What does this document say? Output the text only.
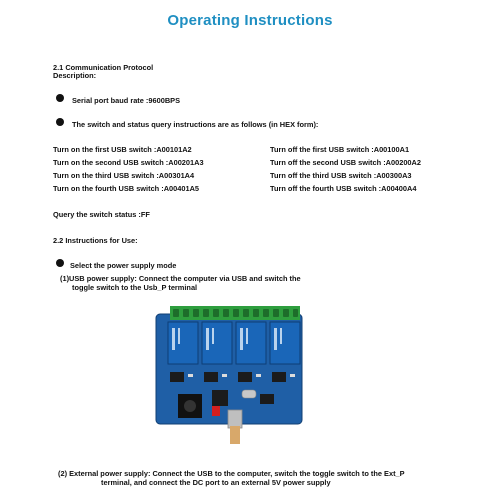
Operating Instructions
2.1 Communication Protocol
Description:
Serial port baud rate :9600BPS
The switch and status query instructions are as follows (in HEX form):
Turn on the first USB switch :A00101A2
Turn on the second USB switch :A00201A3
Turn on the third USB switch :A00301A4
Turn on the fourth USB switch :A00401A5
Turn off the first USB switch :A00100A1
Turn off the second USB switch :A00200A2
Turn off the third USB switch :A00300A3
Turn off the fourth USB switch :A00400A4
Query the switch status :FF
2.2 Instructions for Use:
Select the power supply mode
(1)USB power supply: Connect the computer via USB and switch the
toggle switch to the Usb_P terminal
(2) External power supply: Connect the USB to the computer, switch the toggle switch to the Ext_P
terminal, and connect the DC port to an external 5V power supply
